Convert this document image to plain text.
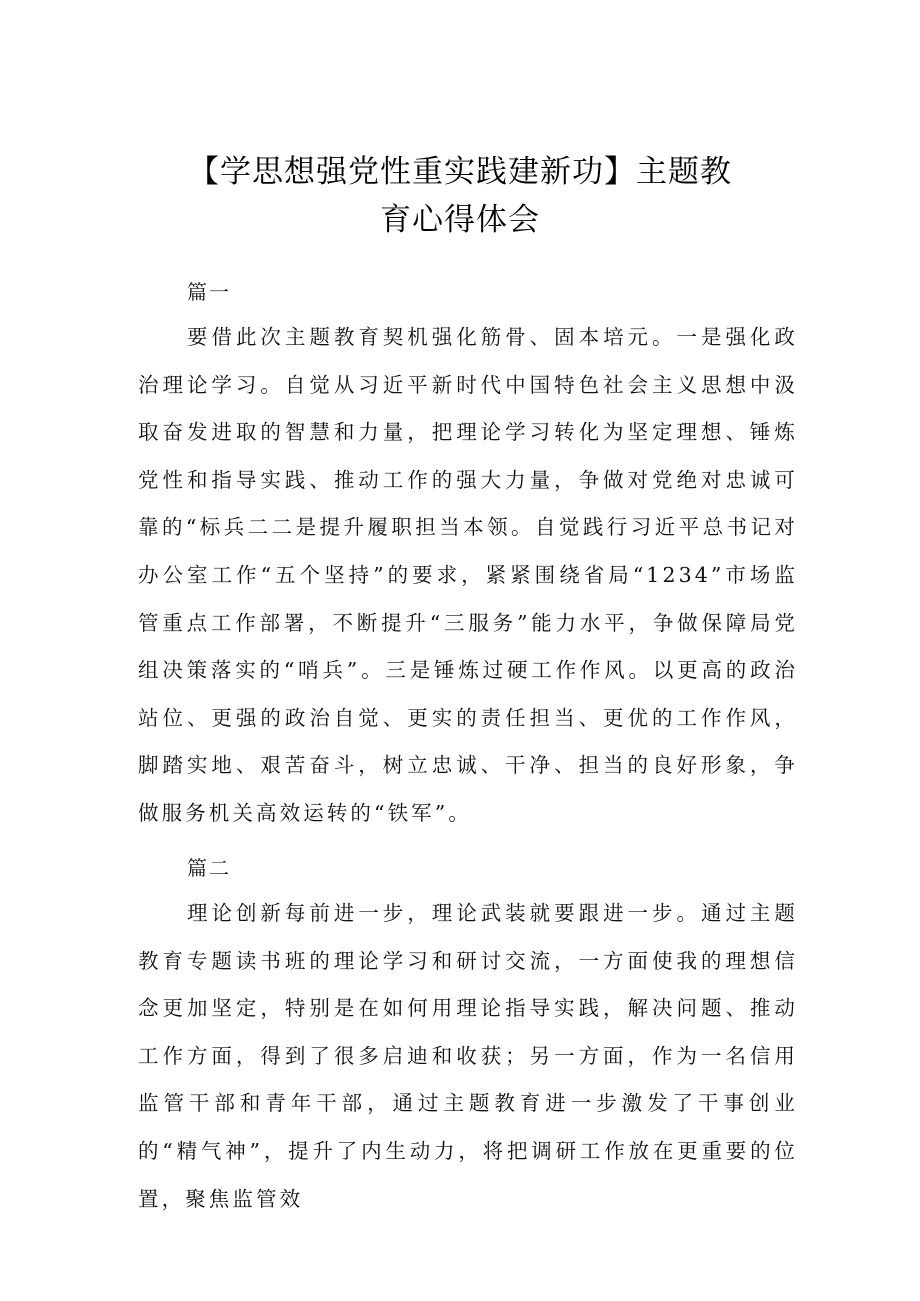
【学思想强党性重实践建新功】主题教
育心得体会
篇一

要借此次主题教育契机强化筋骨、固本培元。一是强化政治理论学习。自觉从习近平新时代中国特色社会主义思想中汲取奋发进取的智慧和力量，把理论学习转化为坚定理想、锤炼党性和指导实践、推动工作的强大力量，争做对党绝对忠诚可靠的“标兵二二是提升履职担当本领。自觉践行习近平总书记对办公室工作“五个坚持”的要求，紧紧围绕省局“1234”市场监管重点工作部署，不断提升“三服务”能力水平，争做保障局党组决策落实的“哨兵”。三是锤炼过硬工作作风。以更高的政治站位、更强的政治自觉、更实的责任担当、更优的工作作风，脚踏实地、艰苦奋斗，树立忠诚、干净、担当的良好形象，争做服务机关高效运转的“铁军”。

篇二

理论创新每前进一步，理论武装就要跟进一步。通过主题教育专题读书班的理论学习和研讨交流，一方面使我的理想信念更加坚定，特别是在如何用理论指导实践，解决问题、推动工作方面，得到了很多启迪和收获；另一方面，作为一名信用监管干部和青年干部，通过主题教育进一步激发了干事创业的“精气神”，提升了内生动力，将把调研工作放在更重要的位置，聚焦监管效
